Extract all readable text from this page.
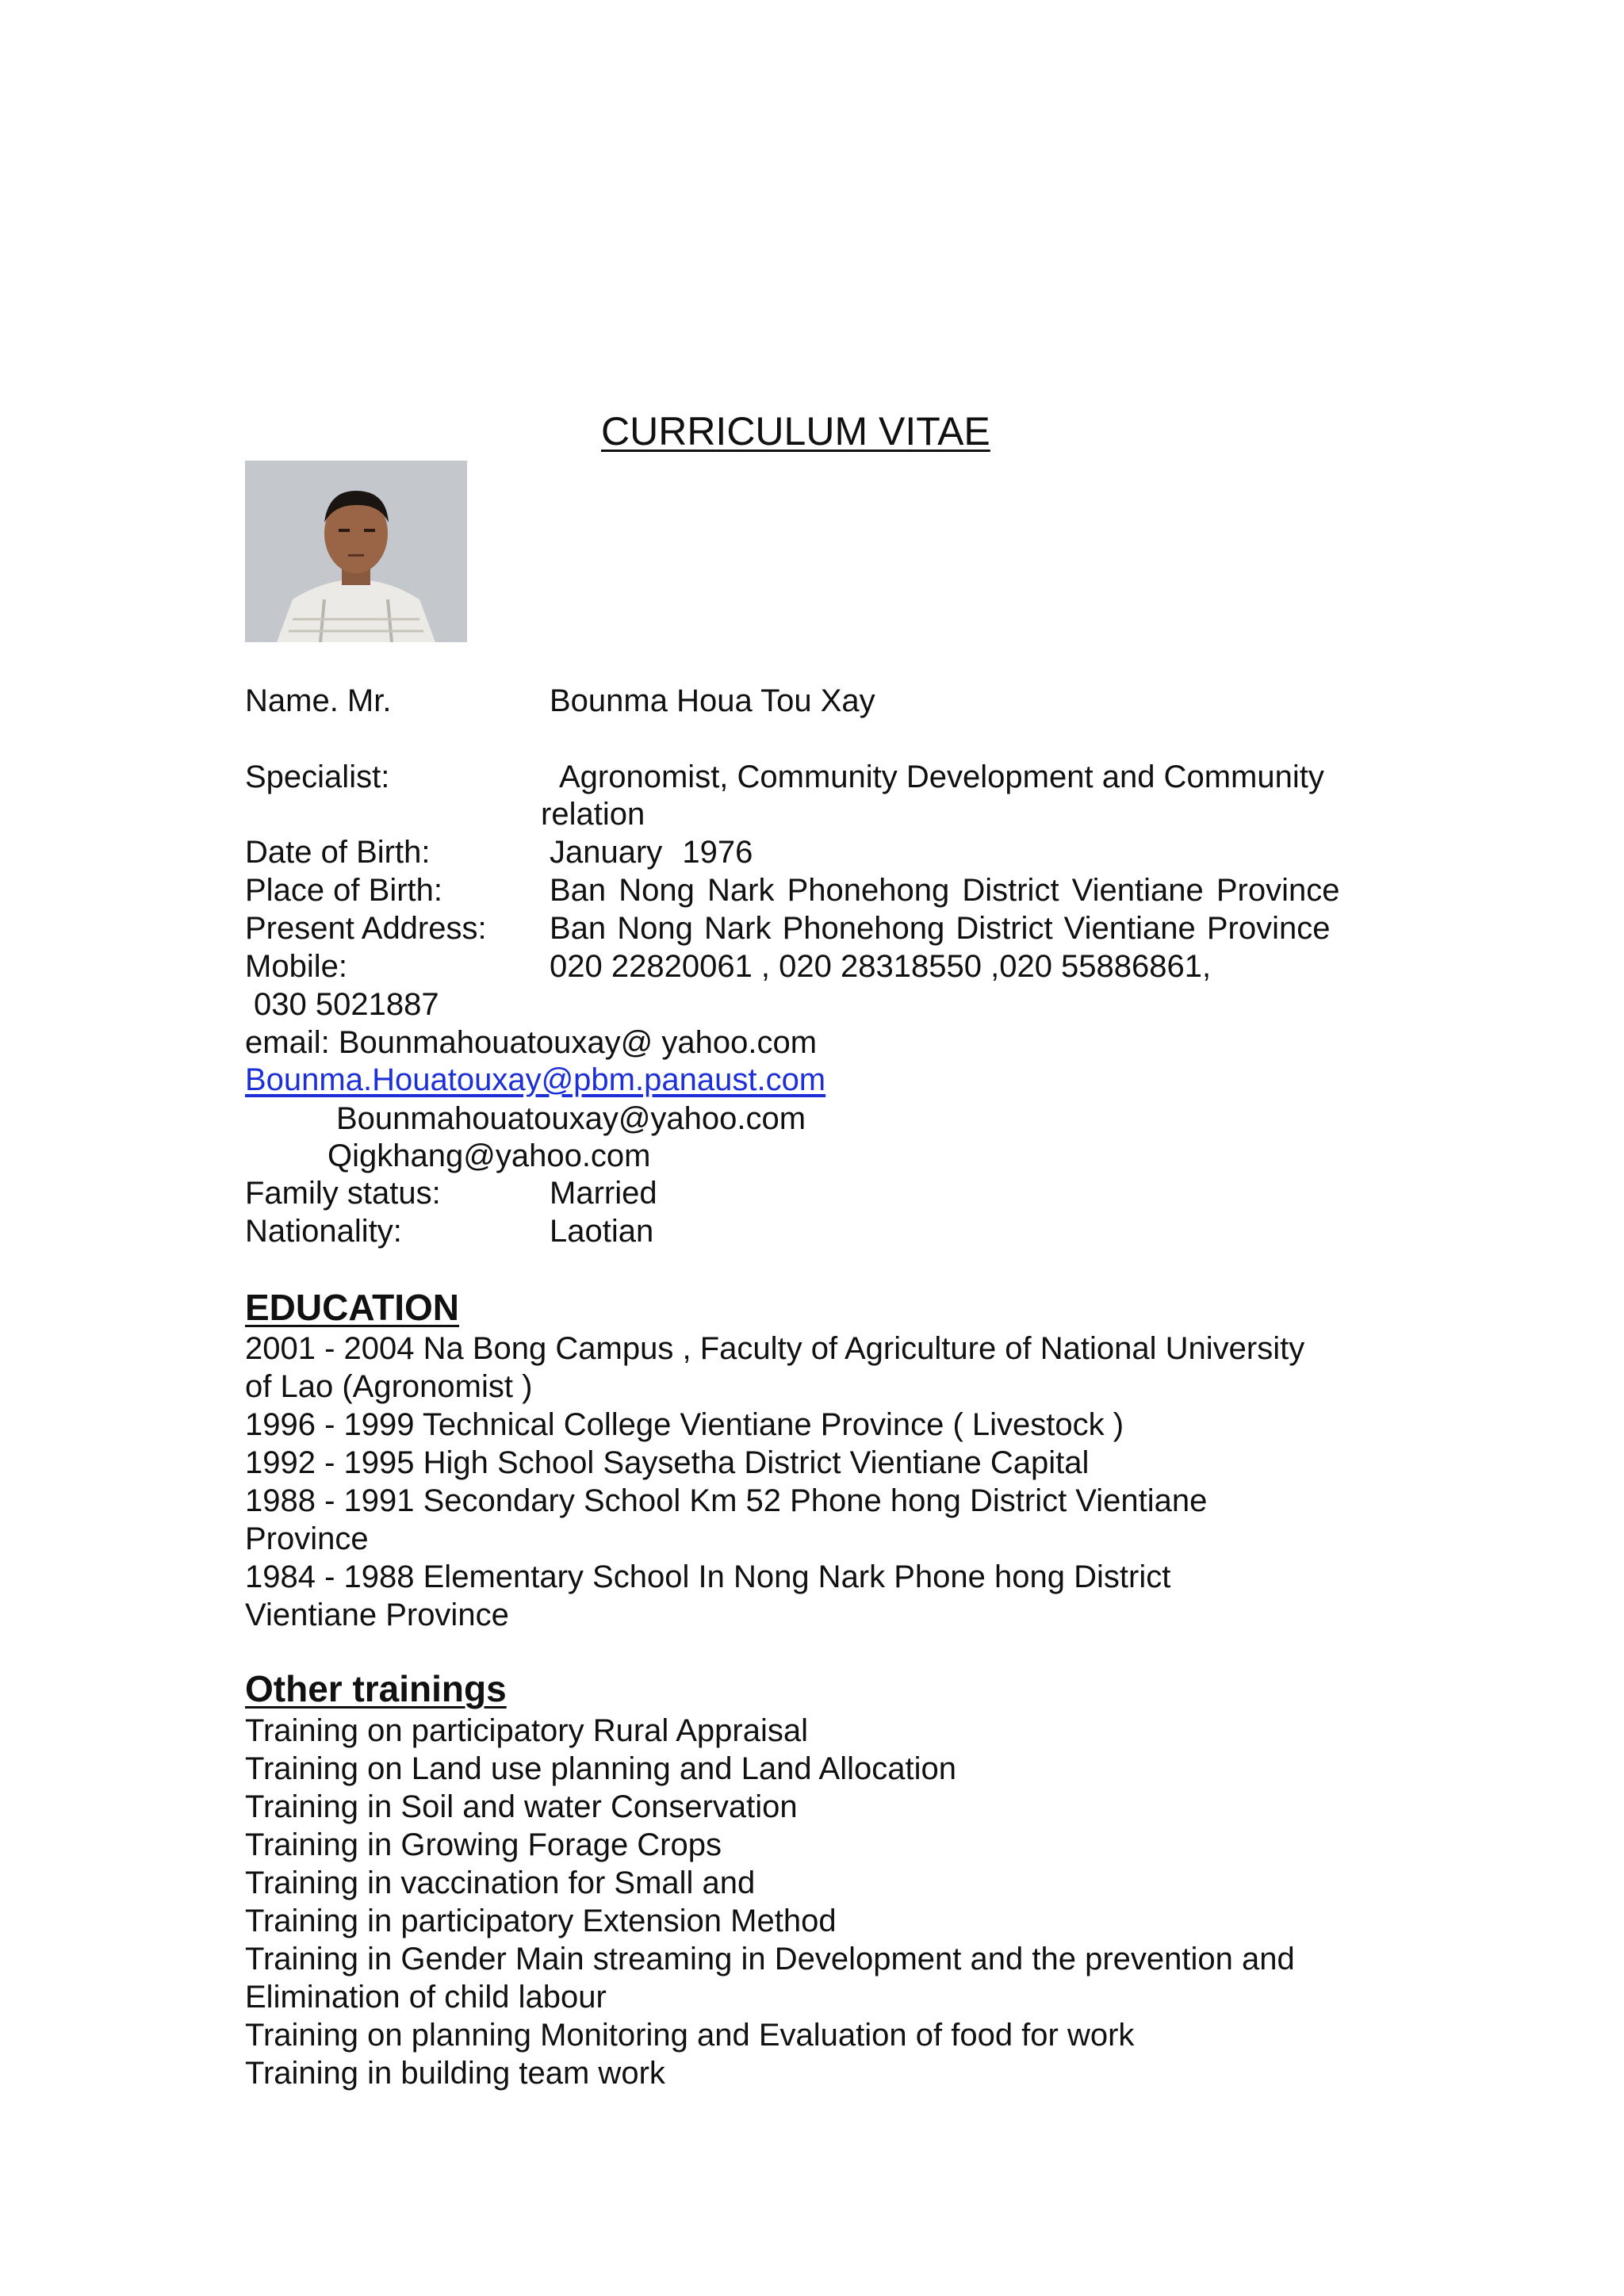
CURRICULUM VITAE
Name. Mr.	Bounma Houa Tou Xay
Specialist:	Agronomist, Community Development and Community
relation
Date of Birth:	January 1976
Place of Birth:	Ban Nong Nark Phonehong District Vientiane Province
Present Address: Ban Nong Nark Phonehong District Vientiane Province
Mobile:	020 22820061 , 020 28318550 ,020 55886861,
030 5021887
email: Bounmahouatouxay@ yahoo.com
Bounma.Houatouxay@pbm.panaust.com
Bounmahouatouxay@yahoo.com
Qigkhang@yahoo.com
Family status:	Married
Nationality:	Laotian
EDUCATION
2001 - 2004 Na Bong Campus , Faculty of Agriculture of National University
of Lao (Agronomist )
1996 - 1999 Technical College Vientiane Province ( Livestock )
1992 - 1995 High School Saysetha District Vientiane Capital
1988 - 1991 Secondary School Km 52 Phone hong District Vientiane
Province
1984 - 1988 Elementary School In Nong Nark Phone hong District
Vientiane Province
Other trainings
Training on participatory Rural Appraisal
Training on Land use planning and Land Allocation
Training in Soil and water Conservation
Training in Growing Forage Crops
Training in vaccination for Small and
Training in participatory Extension Method
Training in Gender Main streaming in Development and the prevention and
Elimination of child labour
Training on planning Monitoring and Evaluation of food for work
Training in building team work
